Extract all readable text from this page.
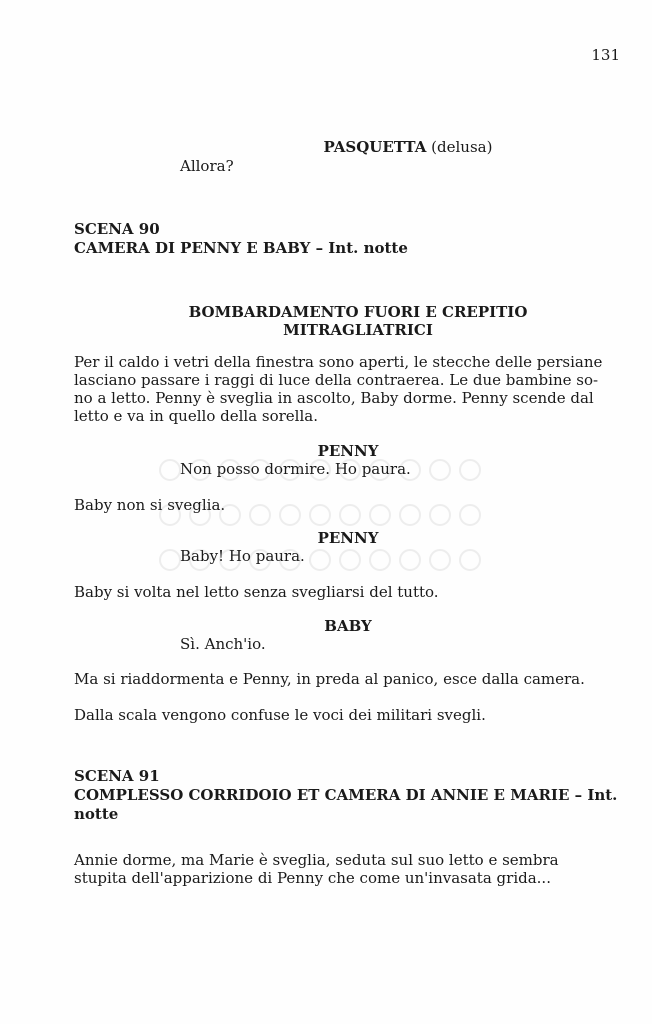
131
PASQUETTA (delusa)
Allora?
SCENA 90
CAMERA DI PENNY E BABY – Int. notte
BOMBARDAMENTO FUORI E CREPITIO
MITRAGLIATRICI
Per il caldo i vetri della finestra sono aperti, le stecche delle persiane
lasciano passare i raggi di luce della contraerea. Le due bambine so-
no a letto. Penny è sveglia in ascolto, Baby dorme. Penny scende dal
letto e va in quello della sorella.
PENNY
Non posso dormire. Ho paura.
Baby non si sveglia.
PENNY
Baby! Ho paura.
Baby si volta nel letto senza svegliarsi del tutto.
BABY
Sì. Anch'io.
Ma si riaddormenta e Penny, in preda al panico, esce dalla camera.
Dalla scala vengono confuse le voci dei militari svegli.
SCENA 91
COMPLESSO CORRIDOIO ET CAMERA DI ANNIE E MARIE – Int.
notte
Annie dorme, ma Marie è sveglia, seduta sul suo letto e sembra
stupita dell'apparizione di Penny che come un'invasata grida...
